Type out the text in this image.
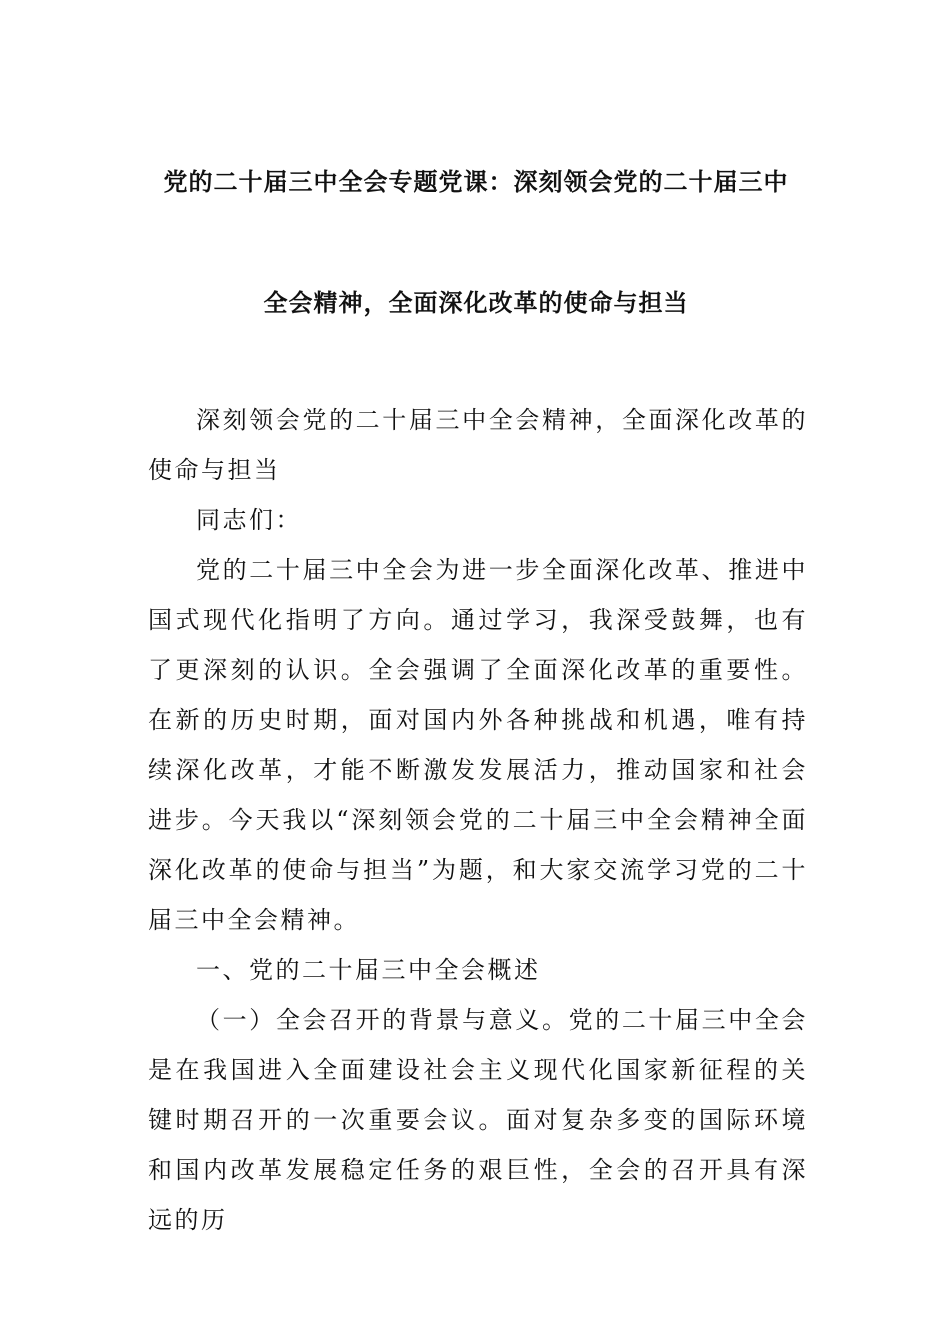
党的二十届三中全会专题党课：深刻领会党的二十届三中
全会精神，全面深化改革的使命与担当

深刻领会党的二十届三中全会精神，全面深化改革的使命与担当

同志们：

党的二十届三中全会为进一步全面深化改革、推进中国式现代化指明了方向。通过学习，我深受鼓舞，也有了更深刻的认识。全会强调了全面深化改革的重要性。在新的历史时期，面对国内外各种挑战和机遇，唯有持续深化改革，才能不断激发发展活力，推动国家和社会进步。今天我以“深刻领会党的二十届三中全会精神全面深化改革的使命与担当”为题，和大家交流学习党的二十届三中全会精神。

一、党的二十届三中全会概述

（一）全会召开的背景与意义。党的二十届三中全会是在我国进入全面建设社会主义现代化国家新征程的关键时期召开的一次重要会议。面对复杂多变的国际环境和国内改革发展稳定任务的艰巨性，全会的召开具有深远的历
